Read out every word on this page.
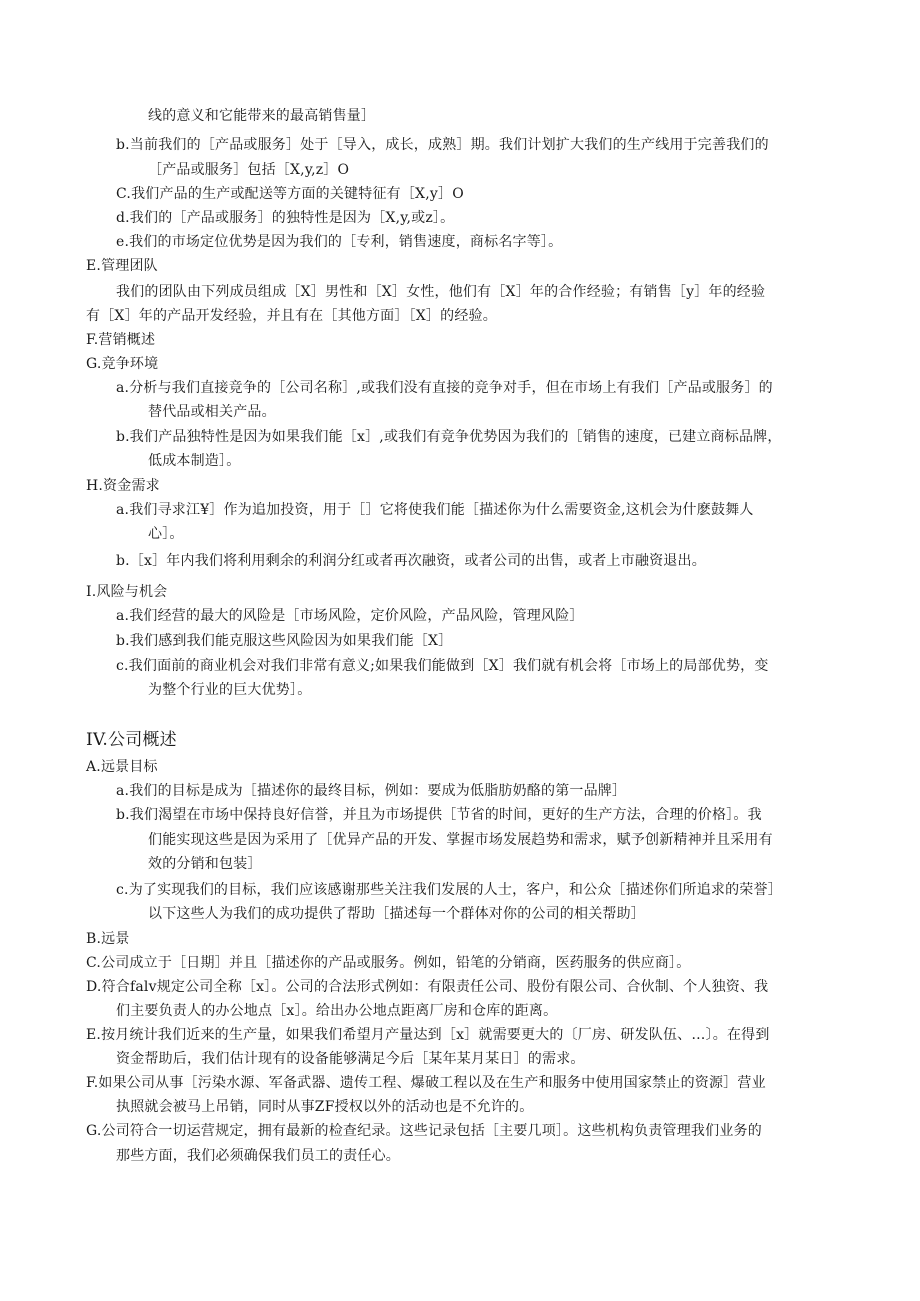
线的意义和它能带来的最高销售量］
b.当前我们的［产品或服务］处于［导入，成长，成熟］期。我们计划扩大我们的生产线用于完善我们的
［产品或服务］包括［X,y,z］O
C.我们产品的生产或配送等方面的关键特征有［X,y］O
d.我们的［产品或服务］的独特性是因为［X,y,或z］。
e.我们的市场定位优势是因为我们的［专利，销售速度，商标名字等］。
E.管理团队
我们的团队由下列成员组成［X］男性和［X］女性，他们有［X］年的合作经验；有销售［y］年的经验
有［X］年的产品开发经验，并且有在［其他方面］［X］的经验。
F.营销概述
G.竞争环境
a.分析与我们直接竞争的［公司名称］,或我们没有直接的竞争对手，但在市场上有我们［产品或服务］的
替代品或相关产品。
b.我们产品独特性是因为如果我们能［x］,或我们有竞争优势因为我们的［销售的速度，已建立商标品牌，
低成本制造］。
H.资金需求
a.我们寻求江¥］作为追加投资，用于［］它将使我们能［描述你为什么需要资金,这机会为什麽鼓舞人
心］。
b.［x］年内我们将利用剩余的利润分红或者再次融资，或者公司的出售，或者上市融资退出。
I.风险与机会
a.我们经营的最大的风险是［市场风险，定价风险，产品风险，管理风险］
b.我们感到我们能克服这些风险因为如果我们能［X］
c.我们面前的商业机会对我们非常有意义;如果我们能做到［X］我们就有机会将［市场上的局部优势，变
为整个行业的巨大优势］。
IV.公司概述
A.远景目标
a.我们的目标是成为［描述你的最终目标，例如：要成为低脂肪奶酪的第一品牌］
b.我们渴望在市场中保持良好信誉，并且为市场提供［节省的时间，更好的生产方法，合理的价格］。我
们能实现这些是因为采用了［优异产品的开发、掌握市场发展趋势和需求，赋予创新精神并且采用有
效的分销和包装］
c.为了实现我们的目标，我们应该感谢那些关注我们发展的人士，客户，和公众［描述你们所追求的荣誉］
以下这些人为我们的成功提供了帮助［描述每一个群体对你的公司的相关帮助］
B.远景
C.公司成立于［日期］并且［描述你的产品或服务。例如，铅笔的分销商，医药服务的供应商］。
D.符合falv规定公司全称［x］。公司的合法形式例如：有限责任公司、股份有限公司、合伙制、个人独资、我
们主要负责人的办公地点［x］。给出办公地点距离厂房和仓库的距离。
E.按月统计我们近来的生产量，如果我们希望月产量达到［x］就需要更大的〔厂房、研发队伍、…〕。在得到
资金帮助后，我们估计现有的设备能够满足今后［某年某月某日］的需求。
F.如果公司从事［污染水源、军备武器、遗传工程、爆破工程以及在生产和服务中使用国家禁止的资源］营业
执照就会被马上吊销，同时从事ZF授权以外的活动也是不允许的。
G.公司符合一切运营规定，拥有最新的检查纪录。这些记录包括［主要几项］。这些机构负责管理我们业务的
那些方面，我们必须确保我们员工的责任心。
